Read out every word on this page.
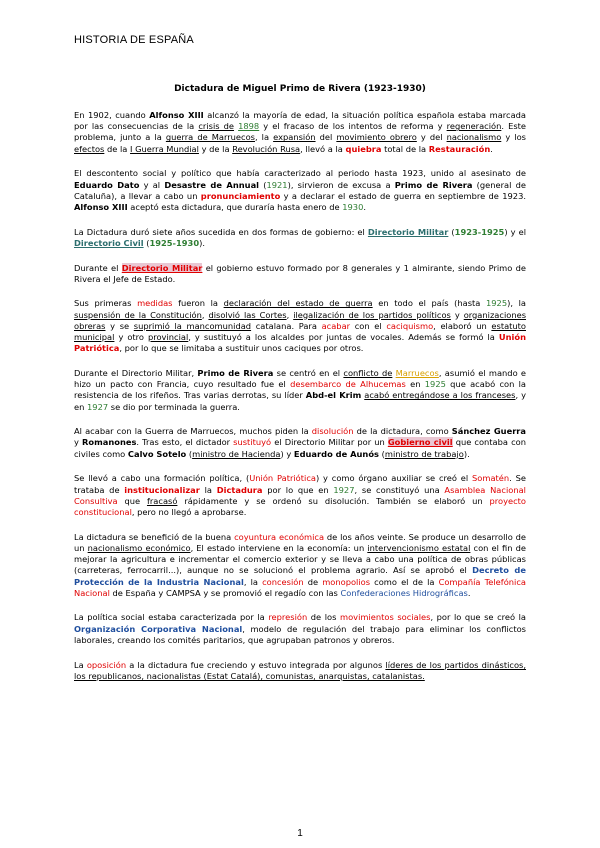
HISTORIA DE ESPAÑA
Dictadura de Miguel Primo de Rivera (1923-1930)

En 1902, cuando Alfonso XIII alcanzó la mayoría de edad, la situación política española estaba marcada por las consecuencias de la crisis de 1898 y el fracaso de los intentos de reforma y regeneración. Este problema, junto a la guerra de Marruecos, la expansión del movimiento obrero y del nacionalismo y los efectos de la I Guerra Mundial y de la Revolución Rusa, llevó a la quiebra total de la Restauración.

El descontento social y político que había caracterizado al periodo hasta 1923, unido al asesinato de Eduardo Dato y al Desastre de Annual (1921), sirvieron de excusa a Primo de Rivera (general de Cataluña), a llevar a cabo un pronunciamiento y a declarar el estado de guerra en septiembre de 1923. Alfonso XIII aceptó esta dictadura, que duraría hasta enero de 1930.

La Dictadura duró siete años sucedida en dos formas de gobierno: el Directorio Militar (1923-1925) y el Directorio Civil (1925-1930).

Durante el Directorio Militar el gobierno estuvo formado por 8 generales y 1 almirante, siendo Primo de Rivera el Jefe de Estado.

Sus primeras medidas fueron la declaración del estado de guerra en todo el país (hasta 1925), la suspensión de la Constitución, disolvió las Cortes, ilegalización de los partidos políticos y organizaciones obreras y se suprimió la mancomunidad catalana. Para acabar con el caciquismo, elaboró un estatuto municipal y otro provincial, y sustituyó a los alcaldes por juntas de vocales. Además se formó la Unión Patriótica, por lo que se limitaba a sustituir unos caciques por otros.

Durante el Directorio Militar, Primo de Rivera se centró en el conflicto de Marruecos, asumió el mando e hizo un pacto con Francia, cuyo resultado fue el desembarco de Alhucemas en 1925 que acabó con la resistencia de los rifeños. Tras varias derrotas, su líder Abd-el Krim acabó entregándose a los franceses, y en 1927 se dio por terminada la guerra.

Al acabar con la Guerra de Marruecos, muchos piden la disolución de la dictadura, como Sánchez Guerra y Romanones. Tras esto, el dictador sustituyó el Directorio Militar por un Gobierno civil que contaba con civiles como Calvo Sotelo (ministro de Hacienda) y Eduardo de Aunós (ministro de trabajo).

Se llevó a cabo una formación política, (Unión Patriótica) y como órgano auxiliar se creó el Somatén. Se trataba de institucionalizar la Dictadura por lo que en 1927, se constituyó una Asamblea Nacional Consultiva que fracasó rápidamente y se ordenó su disolución. También se elaboró un proyecto constitucional, pero no llegó a aprobarse.

La dictadura se benefició de la buena coyuntura económica de los años veinte. Se produce un desarrollo de un nacionalismo económico, El estado interviene en la economía: un intervencionismo estatal con el fin de mejorar la agricultura e incrementar el comercio exterior y se lleva a cabo una política de obras públicas (carreteras, ferrocarril...), aunque no se solucionó el problema agrario. Así se aprobó el Decreto de Protección de la Industria Nacional, la concesión de monopolios como el de la Compañía Telefónica Nacional de España y CAMPSA y se promovió el regadío con las Confederaciones Hidrográficas.

La política social estaba caracterizada por la represión de los movimientos sociales, por lo que se creó la Organización Corporativa Nacional, modelo de regulación del trabajo para eliminar los conflictos laborales, creando los comités paritarios, que agrupaban patronos y obreros.

La oposición a la dictadura fue creciendo y estuvo integrada por algunos líderes de los partidos dinásticos, los republicanos, nacionalistas (Estat Catalá), comunistas, anarquistas, catalanistas.

1
